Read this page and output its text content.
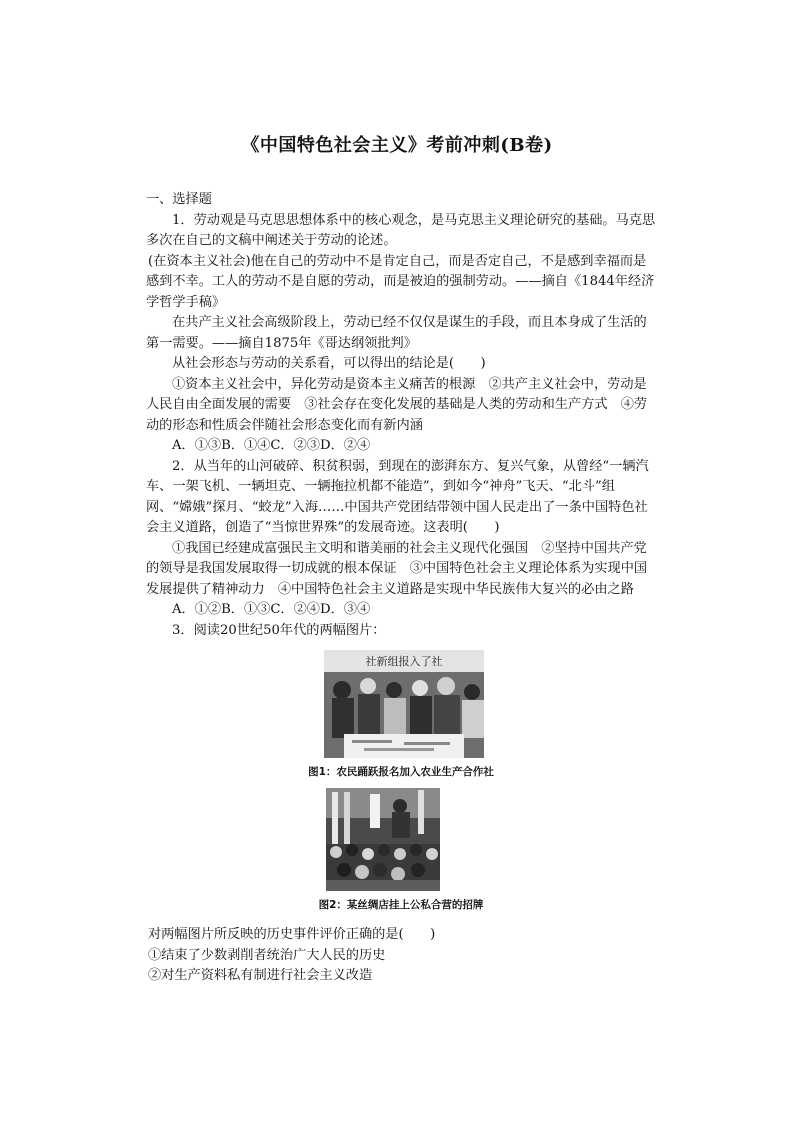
《中国特色社会主义》考前冲刺(B卷)

一、选择题

1．劳动观是马克思思想体系中的核心观念，是马克思主义理论研究的基础。马克思多次在自己的文稿中阐述关于劳动的论述。

(在资本主义社会)他在自己的劳动中不是肯定自己，而是否定自己，不是感到幸福而是感到不幸。工人的劳动不是自愿的劳动，而是被迫的强制劳动。——摘自《1844年经济学哲学手稿》

在共产主义社会高级阶段上，劳动已经不仅仅是谋生的手段，而且本身成了生活的第一需要。——摘自1875年《哥达纲领批判》

从社会形态与劳动的关系看，可以得出的结论是(　　)

①资本主义社会中，异化劳动是资本主义痛苦的根源　②共产主义社会中，劳动是人民自由全面发展的需要　③社会存在变化发展的基础是人类的劳动和生产方式　④劳动的形态和性质会伴随社会形态变化而有新内涵

A．①③B．①④C．②③D．②④

2．从当年的山河破碎、积贫积弱，到现在的澎湃东方、复兴气象，从曾经“一辆汽车、一架飞机、一辆坦克、一辆拖拉机都不能造”，到如今“神舟”飞天、“北斗”组网、“嫦娥”探月、“蛟龙”入海……中国共产党团结带领中国人民走出了一条中国特色社会主义道路，创造了“当惊世界殊”的发展奇迹。这表明(　　)

①我国已经建成富强民主文明和谐美丽的社会主义现代化强国　②坚持中国共产党的领导是我国发展取得一切成就的根本保证　③中国特色社会主义理论体系为实现中国发展提供了精神动力　④中国特色社会主义道路是实现中华民族伟大复兴的必由之路

A．①②B．①③C．②④D．③④

3．阅读20世纪50年代的两幅图片：

社新组报入了社
图1：农民踊跃报名加入农业生产合作社
图2：某丝绸店挂上公私合营的招牌

对两幅图片所反映的历史事件评价正确的是(　　)

①结束了少数剥削者统治广大人民的历史

②对生产资料私有制进行社会主义改造
